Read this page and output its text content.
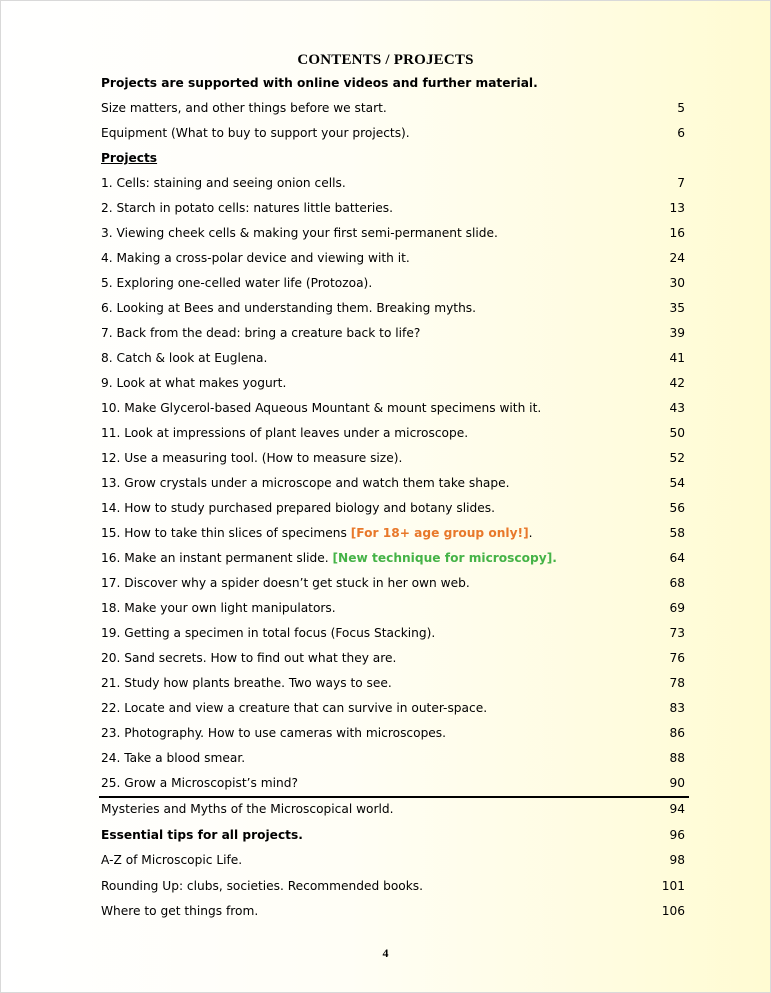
CONTENTS / PROJECTS
Projects are supported with online videos and further material.
Size matters, and other things before we start.	5
Equipment (What to buy to support your projects).	6
Projects
1. Cells: staining and seeing onion cells.	7
2. Starch in potato cells: natures little batteries.	13
3. Viewing cheek cells & making your first semi-permanent slide.	16
4. Making a cross-polar device and viewing with it.	24
5. Exploring one-celled water life (Protozoa).	30
6. Looking at Bees and understanding them. Breaking myths.	35
7. Back from the dead: bring a creature back to life?	39
8. Catch & look at Euglena.	41
9. Look at what makes yogurt.	42
10. Make Glycerol-based Aqueous Mountant & mount specimens with it.	43
11. Look at impressions of plant leaves under a microscope.	50
12. Use a measuring tool. (How to measure size).	52
13. Grow crystals under a microscope and watch them take shape.	54
14. How to study purchased prepared biology and botany slides.	56
15. How to take thin slices of specimens [For 18+ age group only!].	58
16. Make an instant permanent slide. [New technique for microscopy].	64
17. Discover why a spider doesn’t get stuck in her own web.	68
18. Make your own light manipulators.	69
19. Getting a specimen in total focus (Focus Stacking).	73
20. Sand secrets. How to find out what they are.	76
21. Study how plants breathe. Two ways to see.	78
22. Locate and view a creature that can survive in outer-space.	83
23. Photography. How to use cameras with microscopes.	86
24. Take a blood smear.	88
25. Grow a Microscopist’s mind?	90
Mysteries and Myths of the Microscopical world.	94
Essential tips for all projects.	96
A-Z of Microscopic Life.	98
Rounding Up: clubs, societies. Recommended books.	101
Where to get things from.	106
4
